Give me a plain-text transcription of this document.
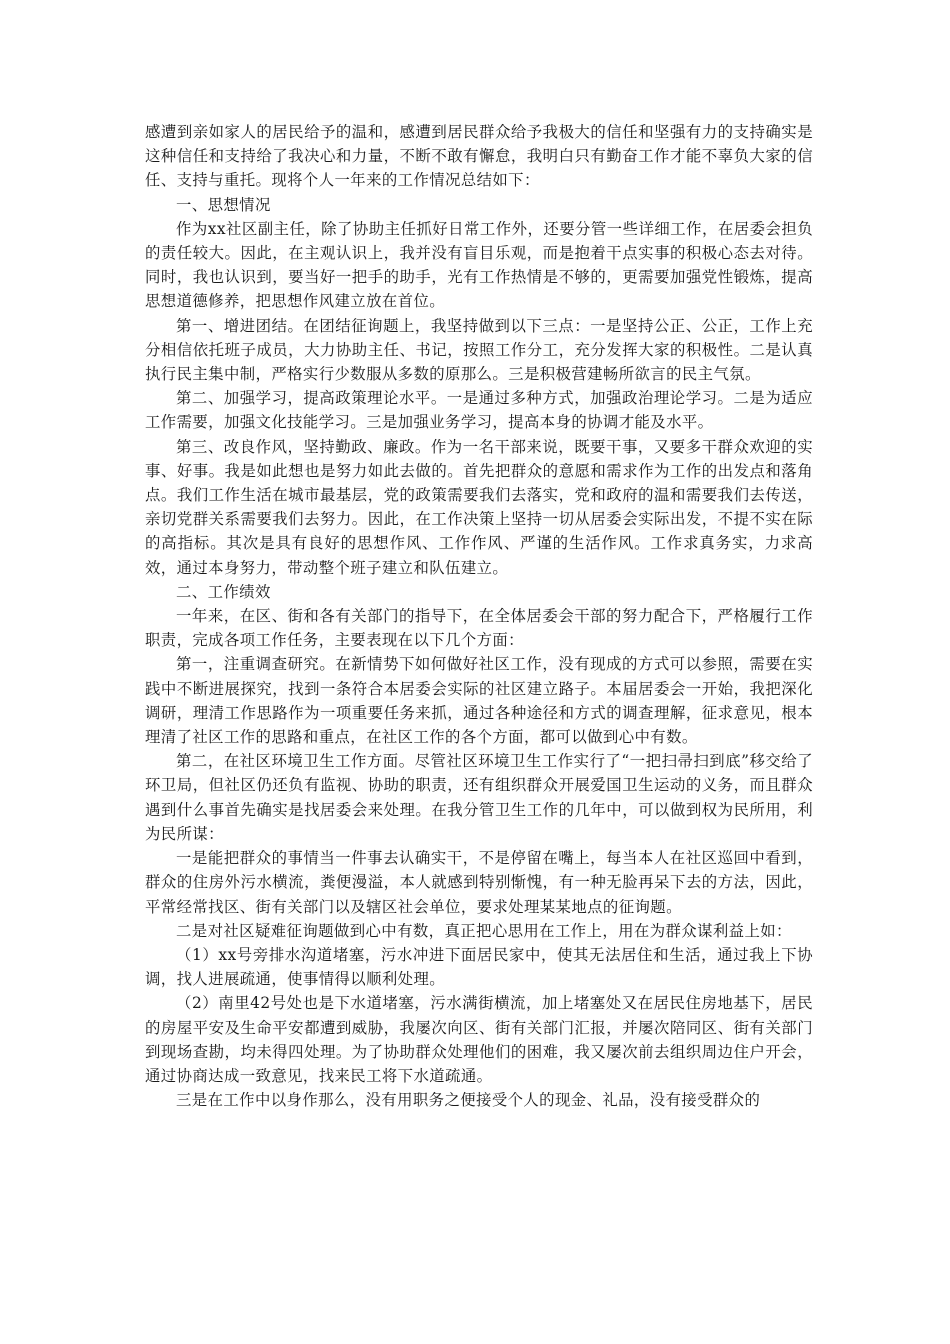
感遭到亲如家人的居民给予的温和，感遭到居民群众给予我极大的信任和坚强有力的支持确实是这种信任和支持给了我决心和力量，不断不敢有懈怠，我明白只有勤奋工作才能不辜负大家的信任、支持与重托。现将个人一年来的工作情况总结如下：

一、思想情况

作为xx社区副主任，除了协助主任抓好日常工作外，还要分管一些详细工作，在居委会担负的责任较大。因此，在主观认识上，我并没有盲目乐观，而是抱着干点实事的积极心态去对待。同时，我也认识到，要当好一把手的助手，光有工作热情是不够的，更需要加强党性锻炼，提高思想道德修养，把思想作风建立放在首位。

第一、增进团结。在团结征询题上，我坚持做到以下三点：一是坚持公正、公正，工作上充分相信依托班子成员，大力协助主任、书记，按照工作分工，充分发挥大家的积极性。二是认真执行民主集中制，严格实行少数服从多数的原那么。三是积极营建畅所欲言的民主气氛。

第二、加强学习，提高政策理论水平。一是通过多种方式，加强政治理论学习。二是为适应工作需要，加强文化技能学习。三是加强业务学习，提高本身的协调才能及水平。

第三、改良作风，坚持勤政、廉政。作为一名干部来说，既要干事，又要多干群众欢迎的实事、好事。我是如此想也是努力如此去做的。首先把群众的意愿和需求作为工作的出发点和落角点。我们工作生活在城市最基层，党的政策需要我们去落实，党和政府的温和需要我们去传送，亲切党群关系需要我们去努力。因此，在工作决策上坚持一切从居委会实际出发，不提不实在际的高指标。其次是具有良好的思想作风、工作作风、严谨的生活作风。工作求真务实，力求高效，通过本身努力，带动整个班子建立和队伍建立。

二、工作绩效

一年来，在区、街和各有关部门的指导下，在全体居委会干部的努力配合下，严格履行工作职责，完成各项工作任务，主要表现在以下几个方面：

第一，注重调查研究。在新情势下如何做好社区工作，没有现成的方式可以参照，需要在实践中不断进展探究，找到一条符合本居委会实际的社区建立路子。本届居委会一开始，我把深化调研，理清工作思路作为一项重要任务来抓，通过各种途径和方式的调查理解，征求意见，根本理清了社区工作的思路和重点，在社区工作的各个方面，都可以做到心中有数。

第二，在社区环境卫生工作方面。尽管社区环境卫生工作实行了“一把扫帚扫到底”移交给了环卫局，但社区仍还负有监视、协助的职责，还有组织群众开展爱国卫生运动的义务，而且群众遇到什么事首先确实是找居委会来处理。在我分管卫生工作的几年中，可以做到权为民所用，利为民所谋：

一是能把群众的事情当一件事去认确实干，不是停留在嘴上，每当本人在社区巡回中看到，群众的住房外污水横流，粪便漫溢，本人就感到特别惭愧，有一种无脸再呆下去的方法，因此，平常经常找区、街有关部门以及辖区社会单位，要求处理某某地点的征询题。

二是对社区疑难征询题做到心中有数，真正把心思用在工作上，用在为群众谋利益上如：

（1）xx号旁排水沟道堵塞，污水冲进下面居民家中，使其无法居住和生活，通过我上下协调，找人进展疏通，使事情得以顺利处理。

（2）南里42号处也是下水道堵塞，污水满街横流，加上堵塞处又在居民住房地基下，居民的房屋平安及生命平安都遭到威胁，我屡次向区、街有关部门汇报，并屡次陪同区、街有关部门到现场查勘，均未得四处理。为了协助群众处理他们的困难，我又屡次前去组织周边住户开会，通过协商达成一致意见，找来民工将下水道疏通。

三是在工作中以身作那么，没有用职务之便接受个人的现金、礼品，没有接受群众的
